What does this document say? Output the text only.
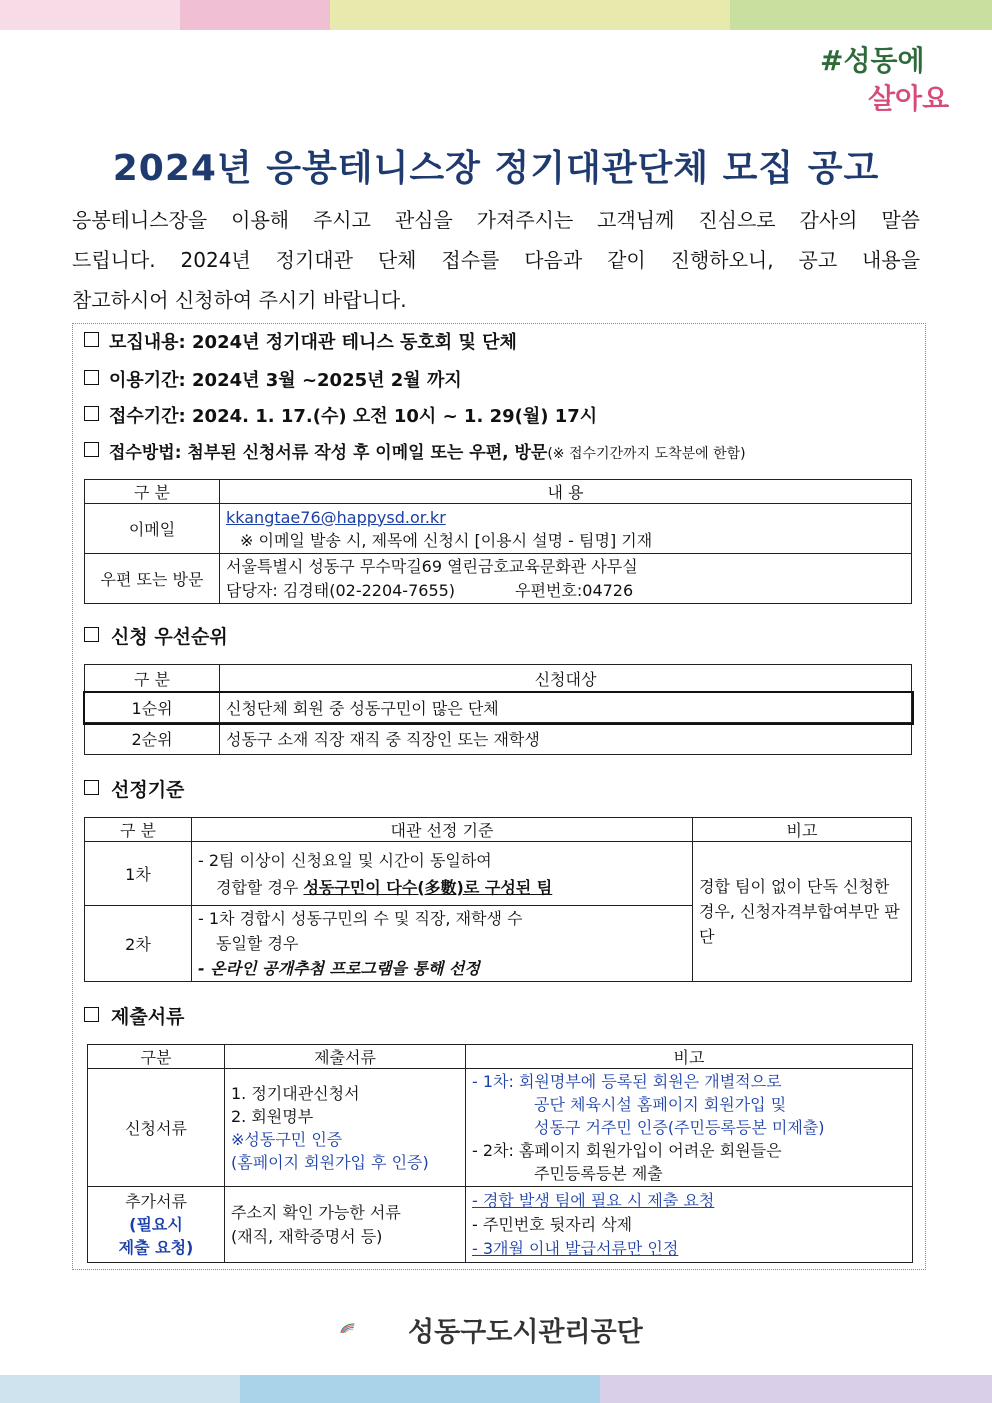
#성동에
살아요
2024년 응봉테니스장 정기대관단체 모집 공고
응봉테니스장을 이용해 주시고 관심을 가져주시는 고객님께 진심으로 감사의 말씀
드립니다. 2024년 정기대관 단체 접수를 다음과 같이 진행하오니, 공고 내용을
참고하시어 신청하여 주시기 바랍니다.
모집내용: 2024년 정기대관 테니스 동호회 및 단체
이용기간: 2024년 3월 ~2025년 2월 까지
접수기간: 2024. 1. 17.(수) 오전 10시 ~ 1. 29(월) 17시
접수방법: 첨부된 신청서류 작성 후 이메일 또는 우편, 방문(※ 접수기간까지 도착분에 한함)
구 분	내 용
이메일	kkangtae76@happysd.or.kr
※ 이메일 발송 시, 제목에 신청시 [이용시 설명 - 팀명] 기재

우편 또는 방문	서울특별시 성동구 무수막길69 열린금호교육문화관 사무실
담당자: 김경태(02-2204-7655) 우편번호:04726
신청 우선순위
구 분	신청대상
1순위	신청단체 회원 중 성동구민이 많은 단체
2순위	성동구 소재 직장 재직 중 직장인 또는 재학생
선정기준
구 분	대관 선정 기준	비고
1차	- 2팀 이상이 신청요일 및 시간이 동일하여
경합할 경우 성동구민이 다수(多數)로 구성된 팀	경합 팀이 없이 단독 신청한 경우, 신청자격부합여부만 판단
2차	- 1차 경합시 성동구민의 수 및 직장, 재학생 수
동일할 경우
- 온라인 공개추첨 프로그램을 통해 선정	
제출서류
구분	제출서류	비고
신청서류	1. 정기대관신청서
2. 회원명부
※성동구민 인증
(홈페이지 회원가입 후 인증)	- 1차: 회원명부에 등록된 회원은 개별적으로
공단 체육시설 홈페이지 회원가입 및
성동구 거주민 인증(주민등록등본 미제출)
- 2차: 홈페이지 회원가입이 어려운 회원들은
주민등록등본 제출

추가서류
(필요시
제출 요청)	주소지 확인 가능한 서류
(재직, 재학증명서 등)	- 경합 발생 팀에 필요 시 제출 요청
- 주민번호 뒷자리 삭제
- 3개월 이내 발급서류만 인정
성동구도시관리공단
